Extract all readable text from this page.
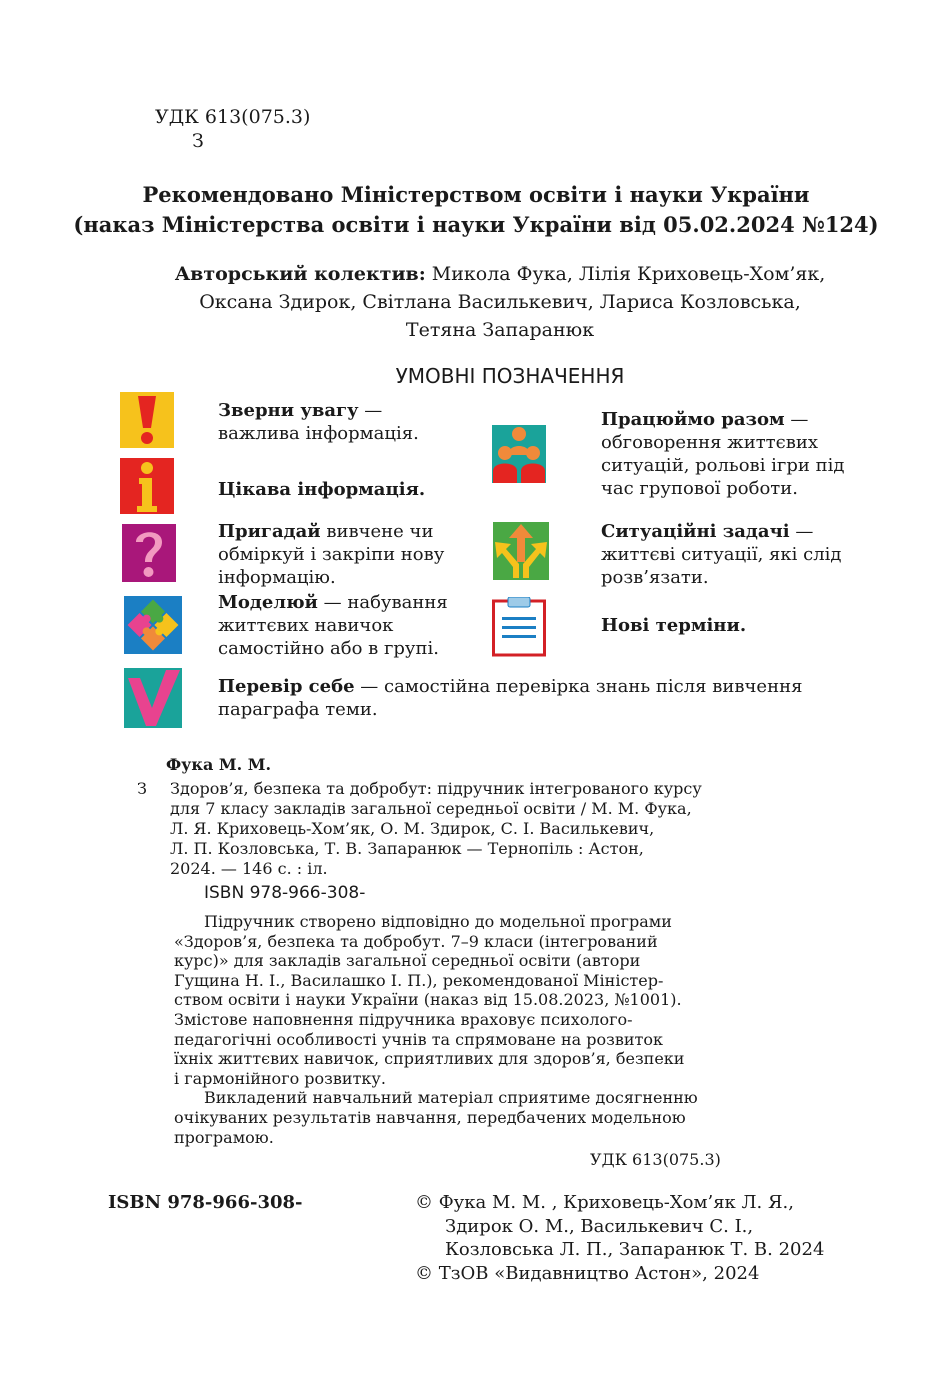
УДК 613(075.3)
З
Рекомендовано Міністерством освіти і науки України
(наказ Міністерства освіти і науки України від 05.02.2024 №124)
Авторський колектив: Микола Фука, Лілія Криховець-Хом’як,
Оксана Здирок, Світлана Василькевич, Лариса Козловська,
Тетяна Запаранюк
УМОВНІ ПОЗНАЧЕННЯ
Зверни увагу —
важлива інформація.
Цікава інформація.
Пригадай вивчене чи
обміркуй і закріпи нову
інформацію.
Моделюй — набування
життєвих навичок
самостійно або в групі.
Працюймо разом —
обговорення життєвих
ситуацій, рольові ігри під
час групової роботи.
Ситуаційні задачі —
життєві ситуації, які слід
розв’язати.
Нові терміни.
Перевір себе — самостійна перевірка знань після вивчення
параграфа теми.
Фука М. М.
З Здоров’я, безпека та добробут: підручник інтегрованого курсу
для 7 класу закладів загальної середньої освіти / М. М. Фука,
Л. Я. Криховець-Хом’як, О. М. Здирок, С. І. Василькевич,
Л. П. Козловська, Т. В. Запаранюк — Тернопіль : Астон,
2024. — 146 с. : іл.
ISBN 978-966-308-
Підручник створено відповідно до модельної програми
«Здоров’я, безпека та добробут. 7–9 класи (інтегрований
курс)» для закладів загальної середньої освіти (автори
Гущина Н. І., Василашко І. П.), рекомендованої Міністер-
ством освіти і науки України (наказ від 15.08.2023, №1001).
Змістове наповнення підручника враховує психолого-
педагогічні особливості учнів та спрямоване на розвиток
їхніх життєвих навичок, сприятливих для здоров’я, безпеки
і гармонійного розвитку.
Викладений навчальний матеріал сприятиме досягненню
очікуваних результатів навчання, передбачених модельною
програмою.
УДК 613(075.3)
ISBN 978-966-308-	© Фука М. М. , Криховець-Хом’як Л. Я.,
Здирок О. М., Василькевич С. І.,
Козловська Л. П., Запаранюк Т. В. 2024
© ТзОВ «Видавництво Астон», 2024
